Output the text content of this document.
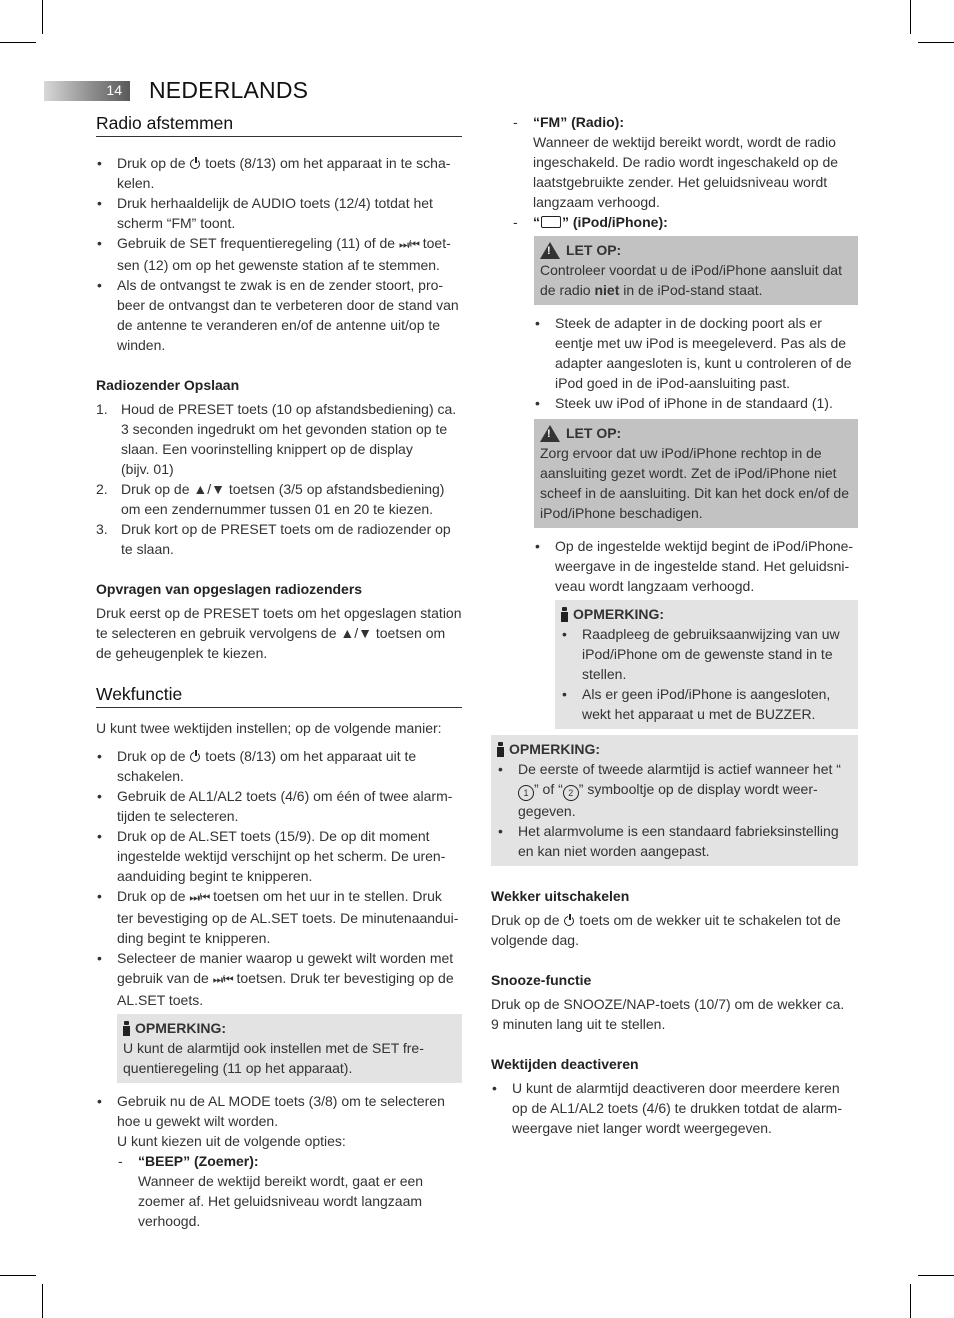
14 NEDERLANDS
Radio afstemmen
• Druk op de  toets (8/13) om het apparaat in te scha-kelen.
• Druk herhaaldelijk de AUDIO toets (12/4) totdat het scherm “FM” toont.
• Gebruik de SET frequentieregeling (11) of de ⏭/⏮ toet-sen (12) om op het gewenste station af te stemmen.
• Als de ontvangst te zwak is en de zender stoort, pro-beer de ontvangst dan te verbeteren door de stand van de antenne te veranderen en/of de antenne uit/op te winden.
Radiozender Opslaan
1. Houd de PRESET toets (10 op afstandsbediening) ca. 3 seconden ingedrukt om het gevonden station op te slaan. Een voorinstelling knippert op de display
(bijv. 01)
2. Druk op de ▲/▼ toetsen (3/5 op afstandsbediening) om een zendernummer tussen 01 en 20 te kiezen.
3. Druk kort op de PRESET toets om de radiozender op te slaan.
Opvragen van opgeslagen radiozenders
Druk eerst op de PRESET toets om het opgeslagen station te selecteren en gebruik vervolgens de ▲/▼ toetsen om de geheugenplek te kiezen.
Wekfunctie
U kunt twee wektijden instellen; op de volgende manier:
• Druk op de  toets (8/13) om het apparaat uit te schakelen.
• Gebruik de AL1/AL2 toets (4/6) om één of twee alarm-tijden te selecteren.
• Druk op de AL.SET toets (15/9). De op dit moment ingestelde wektijd verschijnt op het scherm. De uren-aanduiding begint te knipperen.
• Druk op de ⏭/⏮ toetsen om het uur in te stellen. Druk ter bevestiging op de AL.SET toets. De minutenaandui-ding begint te knipperen.
• Selecteer de manier waarop u gewekt wilt worden met gebruik van de ⏭/⏮ toetsen. Druk ter bevestiging op de AL.SET toets.
OPMERKING:
U kunt de alarmtijd ook instellen met de SET fre-quentieregeling (11 op het apparaat).
• Gebruik nu de AL MODE toets (3/8) om te selecteren hoe u gewekt wilt worden.
U kunt kiezen uit de volgende opties:
- “BEEP” (Zoemer):
Wanneer de wektijd bereikt wordt, gaat er een zoemer af. Het geluidsniveau wordt langzaam verhoogd.
- “FM” (Radio):
Wanneer de wektijd bereikt wordt, wordt de radio ingeschakeld. De radio wordt ingeschakeld op de laatstgebruikte zender. Het geluidsniveau wordt langzaam verhoogd.
- “ ” (iPod/iPhone):
!
LET OP:
Controleer voordat u de iPod/iPhone aansluit dat de radio niet in de iPod-stand staat.
• Steek de adapter in de docking poort als er eentje met uw iPod is meegeleverd. Pas als de adapter aangesloten is, kunt u controleren of de iPod goed in de iPod-aansluiting past.
• Steek uw iPod of iPhone in de standaard (1).
!
LET OP:
Zorg ervoor dat uw iPod/iPhone rechtop in de aansluiting gezet wordt. Zet de iPod/iPhone niet scheef in de aansluiting. Dit kan het dock en/of de iPod/iPhone beschadigen.
• Op de ingestelde wektijd begint de iPod/iPhone-weergave in de ingestelde stand. Het geluidsni-veau wordt langzaam verhoogd.
OPMERKING:
• Raadpleeg de gebruiksaanwijzing van uw iPod/iPhone om de gewenste stand in te stellen.
• Als er geen iPod/iPhone is aangesloten, wekt het apparaat u met de BUZZER.
OPMERKING:
• De eerste of tweede alarmtijd is actief wanneer het “1 ” of “ 2 ” symbooltje op de display wordt weer-gegeven.
• Het alarmvolume is een standaard fabrieksinstelling en kan niet worden aangepast.
Wekker uitschakelen
Druk op de  toets om de wekker uit te schakelen tot de volgende dag.
Snooze-functie
Druk op de SNOOZE/NAP-toets (10/7) om de wekker ca.
9 minuten lang uit te stellen.
Wektijden deactiveren
• U kunt de alarmtijd deactiveren door meerdere keren op de AL1/AL2 toets (4/6) te drukken totdat de alarm-weergave niet langer wordt weergegeven.
